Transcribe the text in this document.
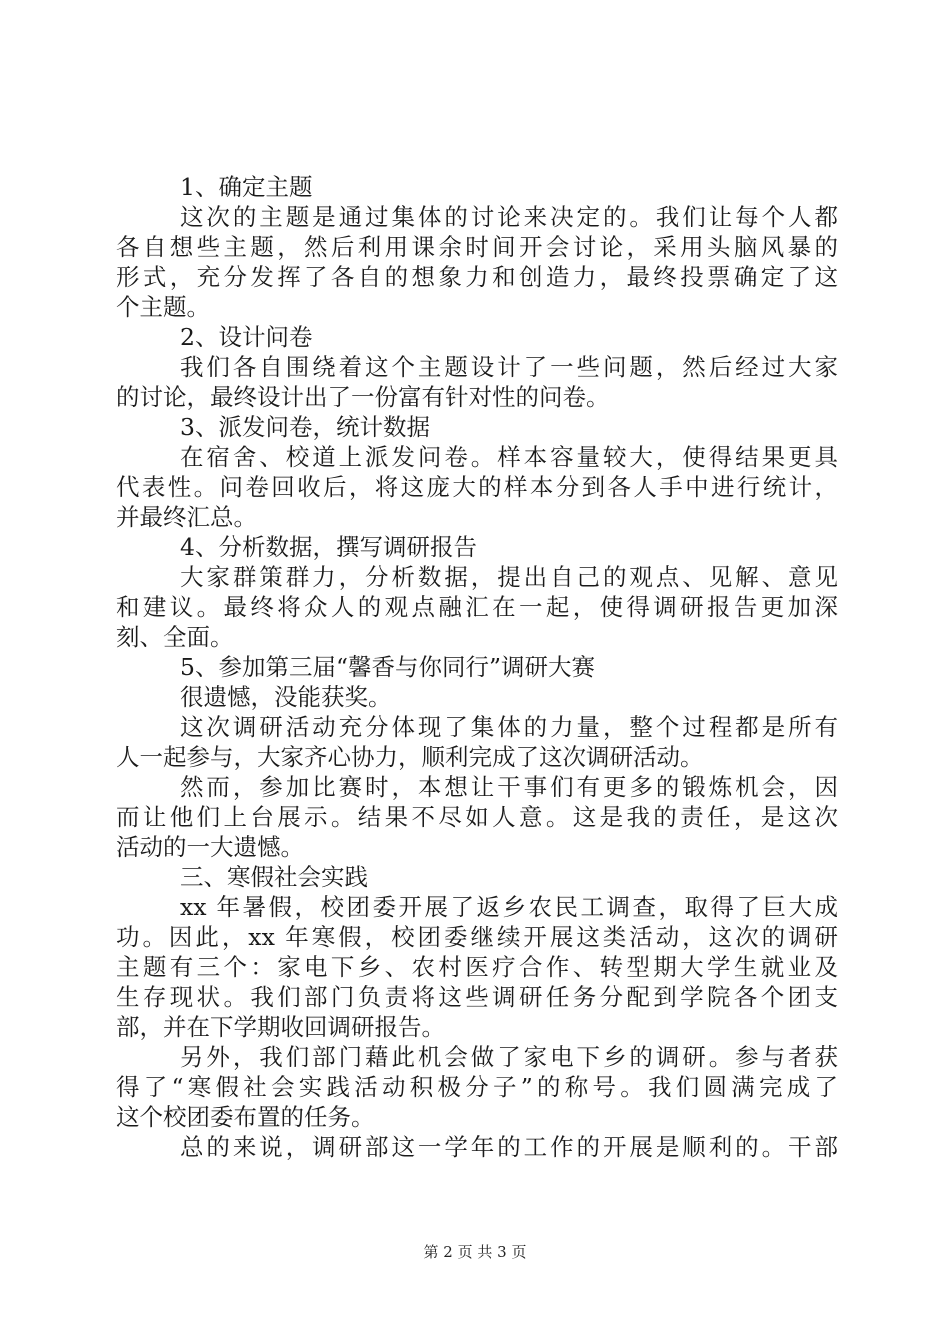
1、确定主题
这次的主题是通过集体的讨论来决定的。我们让每个人都
各自想些主题，然后利用课余时间开会讨论，采用头脑风暴的
形式，充分发挥了各自的想象力和创造力，最终投票确定了这
个主题。
2、设计问卷
我们各自围绕着这个主题设计了一些问题，然后经过大家
的讨论，最终设计出了一份富有针对性的问卷。
3、派发问卷，统计数据
在宿舍、校道上派发问卷。样本容量较大，使得结果更具
代表性。问卷回收后，将这庞大的样本分到各人手中进行统计，
并最终汇总。
4、分析数据，撰写调研报告
大家群策群力，分析数据，提出自己的观点、见解、意见
和建议。最终将众人的观点融汇在一起，使得调研报告更加深
刻、全面。
5、参加第三届“馨香与你同行”调研大赛
很遗憾，没能获奖。
这次调研活动充分体现了集体的力量，整个过程都是所有
人一起参与，大家齐心协力，顺利完成了这次调研活动。
然而，参加比赛时，本想让干事们有更多的锻炼机会，因
而让他们上台展示。结果不尽如人意。这是我的责任，是这次
活动的一大遗憾。
三、寒假社会实践
xx 年暑假，校团委开展了返乡农民工调查，取得了巨大成
功。因此，xx 年寒假，校团委继续开展这类活动，这次的调研
主题有三个：家电下乡、农村医疗合作、转型期大学生就业及
生存现状。我们部门负责将这些调研任务分配到学院各个团支
部，并在下学期收回调研报告。
另外，我们部门藉此机会做了家电下乡的调研。参与者获
得了“寒假社会实践活动积极分子”的称号。我们圆满完成了
这个校团委布置的任务。
总的来说，调研部这一学年的工作的开展是顺利的。干部
第 2 页 共 3 页
